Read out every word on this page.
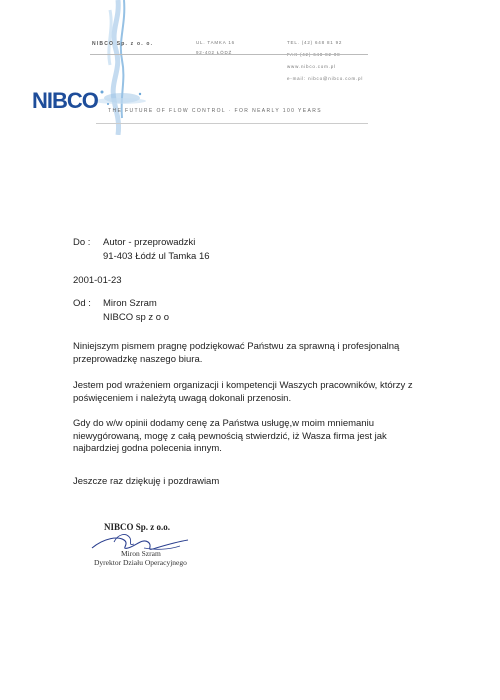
NIBCO Sp. z o. o.	UL. TAMKA 16
92-402 ŁÓDŹ
TEL. (42) 648 81 92
FAX (42) 648 82 08
www.nibco.com.pl
e-mail: nibco@nibco.com.pl
NIBCO THE FUTURE OF FLOW CONTROL · FOR NEARLY 100 YEARS
Do : Autor - przeprowadzki
91-403 Łódź ul Tamka 16
2001-01-23
Od : Miron Szram
NIBCO sp z o o
Niniejszym pismem pragnę podziękować Państwu za sprawną i profesjonalną
przeprowadzkę naszego biura.
Jestem pod wrażeniem organizacji i kompetencji Waszych pracowników, którzy z
poświęceniem i należytą uwagą dokonali przenosin.
Gdy do w/w opinii dodamy cenę za Państwa usługę,w moim mniemaniu
niewygórowaną, mogę z całą pewnością stwierdzić, iż Wasza firma jest jak
najbardziej godna polecenia innym.
Jeszcze raz dziękuję i pozdrawiam
NIBCO Sp. z o.o.
Miron Szram
Dyrektor Działu Operacyjnego
